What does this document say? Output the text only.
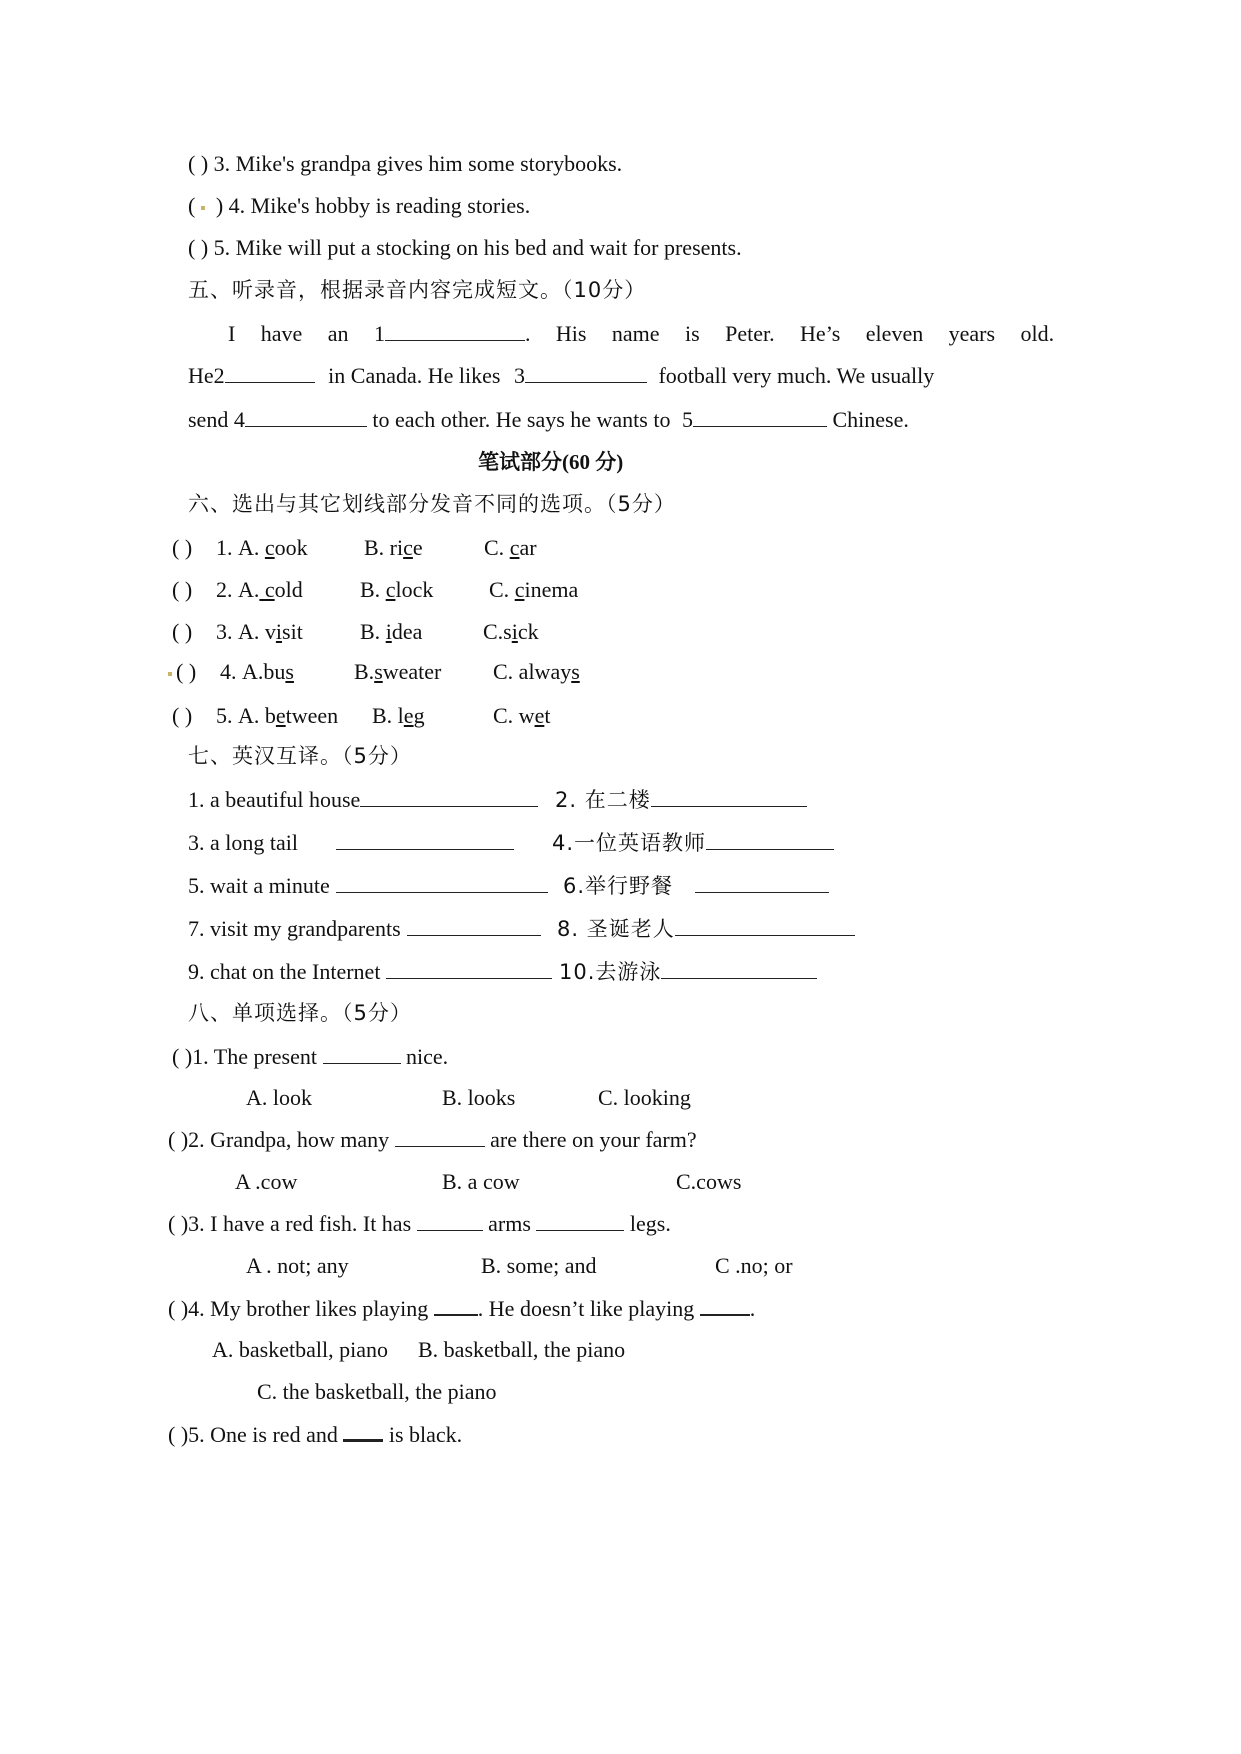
( ) 3. Mike's grandpa gives him some storybooks.
(   ) 4. Mike's hobby is reading stories.
( ) 5. Mike will put a stocking on his bed and wait for presents.
五、听录音，根据录音内容完成短文。（10分）
I have an 1	. His name is Peter. He’s eleven years old.
He2	in Canada. He likes 3	football very much. We usually
send 4	to each other. He says he wants to 5	Chinese.
笔试部分(60 分)
六、选出与其它划线部分发音不同的选项。（5分）
( ) 1. A. cook	B. rice	C. car
( ) 2. A. cold	B. clock	C. cinema
( ) 3. A. visit	B. idea	C.sick
( ) 4. A.bus	B.sweater C. always
( ) 5. A. between B. leg	C. wet
七、英汉互译。（5分）
1. a beautiful house	2. 在二楼
3. a long tail	4.一位英语教师
5. wait a minute	6.举行野餐
7. visit my grandparents	8. 圣诞老人
9. chat on the Internet	10.去游泳
八、单项选择。（5分）
( )1. The present	nice.
A. look	B. looks	C. looking
( )2. Grandpa, how many	are there on your farm?
A .cow	B. a cow	C.cows
( )3. I have a red fish. It has	arms	legs.
A . not; any	B. some; and	C .no; or
( )4. My brother likes playing . He doesn’t like playing	.
A. basketball, piano B. basketball, the piano
C. the basketball, the piano
( )5. One is red and is black.
